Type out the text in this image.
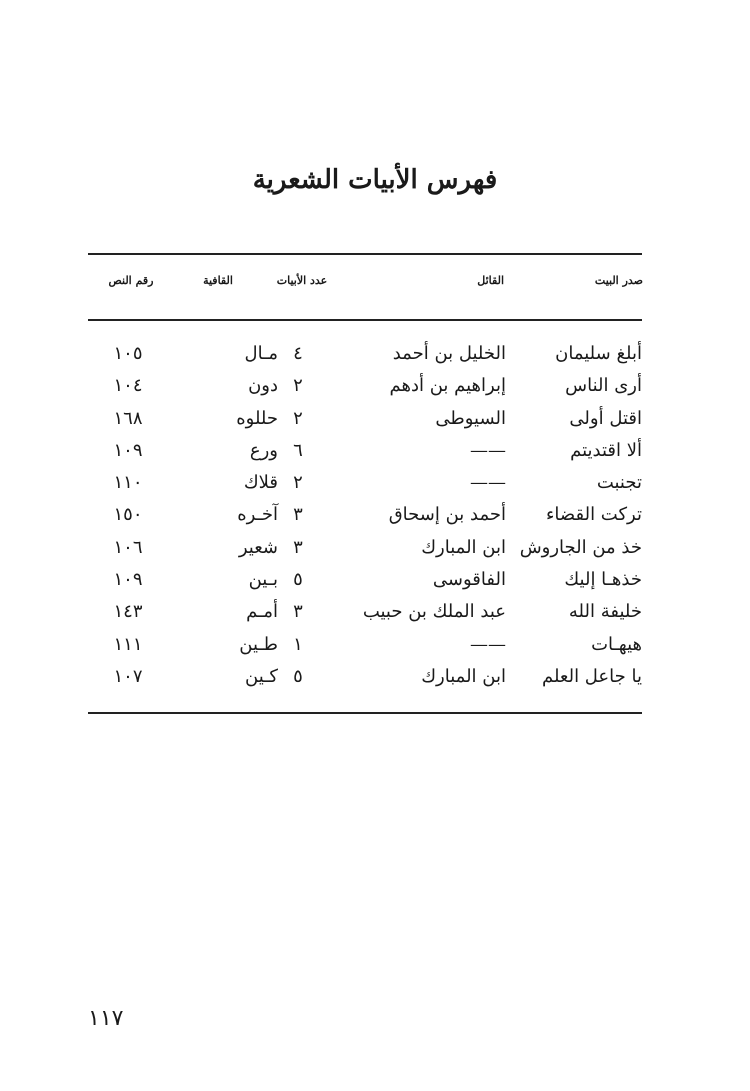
فهرس الأبيات الشعرية
صدر البيت
القائل
عدد الأبيات
القافية
رقم النص
أبلغ سليمان
الخليل بن أحمد
٤
مـال
١٠٥
أرى الناس
إبراهيم بن أدهم
٢
دون
١٠٤
اقتل أولى
السيوطى
٢
حللوه
١٦٨
ألا اقتديتم
——
٦
ورع
١٠٩
تجنبت
——
٢
قلاك
١١٠
تركت القضاء
أحمد بن إسحاق
٣
آخـره
١٥٠
خذ من الجاروش
ابن المبارك
٣
شعير
١٠٦
خذهـا إليك
الفاقوسى
٥
بـين
١٠٩
خليفة الله
عبد الملك بن حبيب
٣
أمـم
١٤٣
هيهـات
——
١
طـين
١١١
يا جاعل العلم
ابن المبارك
٥
كـين
١٠٧
١١٧
